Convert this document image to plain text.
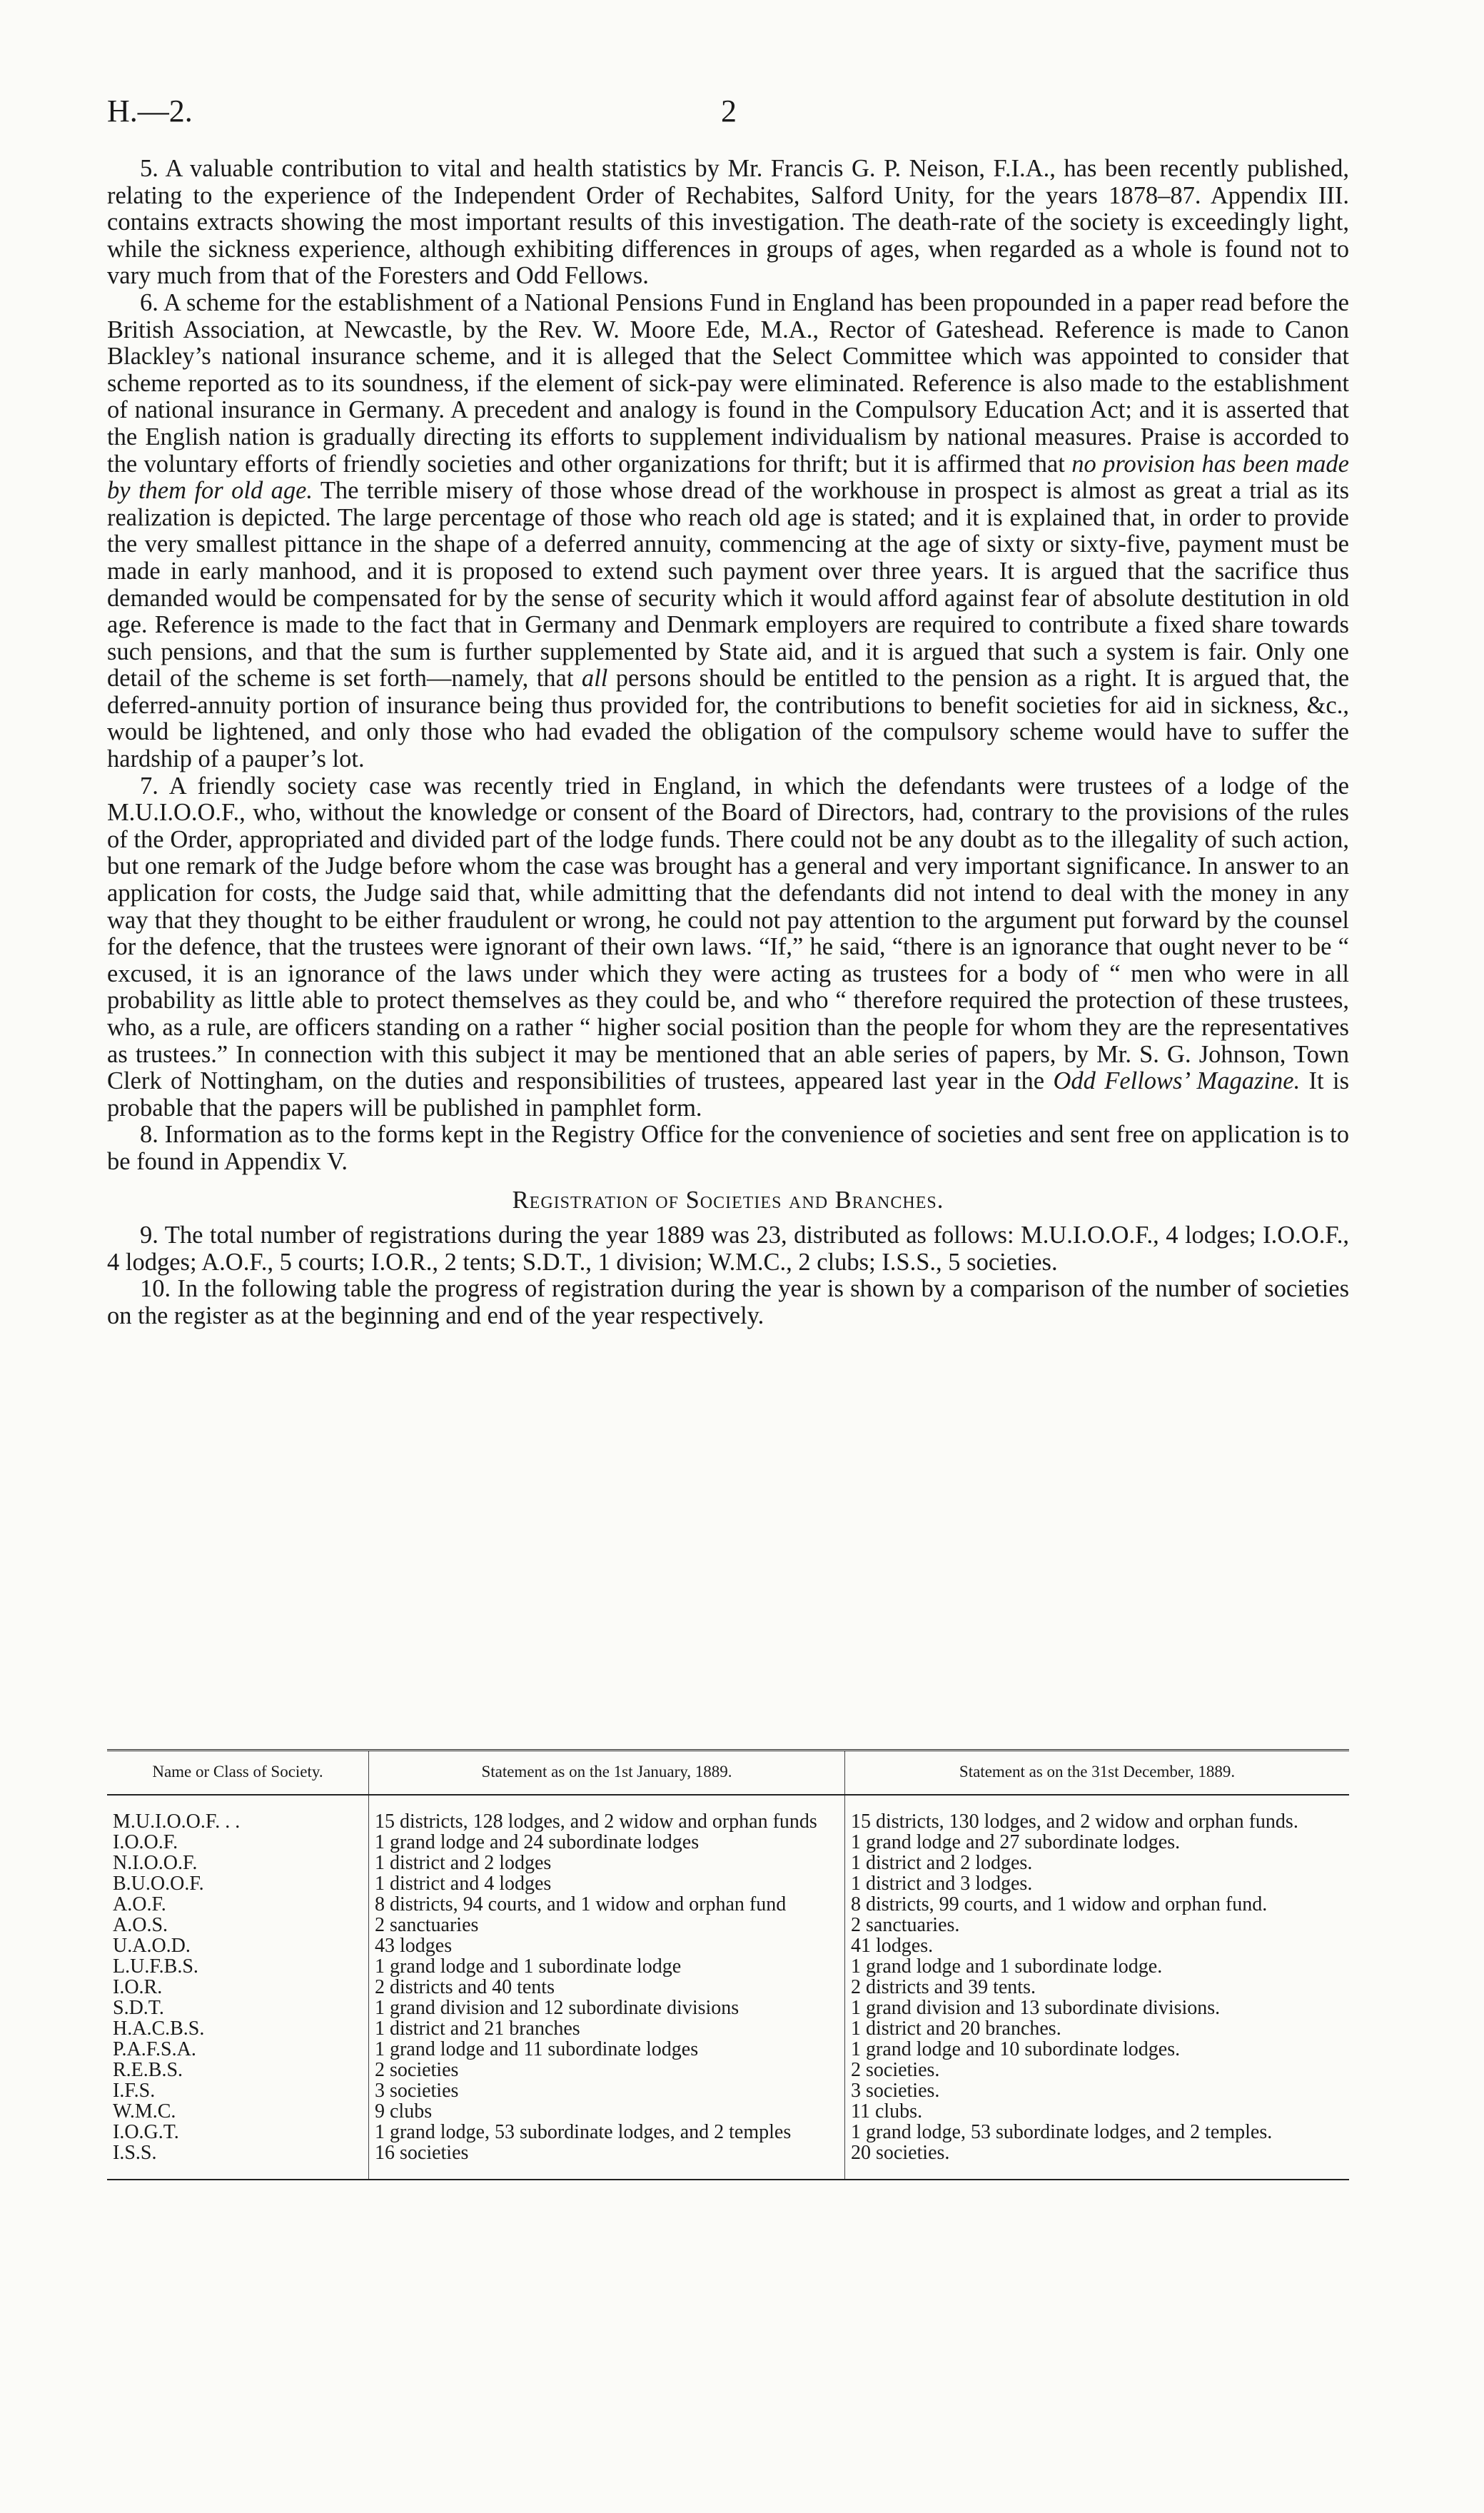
H.—2.	2

5. A valuable contribution to vital and health statistics by Mr. Francis G. P. Neison, F.I.A., has been recently published, relating to the experience of the Independent Order of Rechabites, Salford Unity, for the years 1878–87. Appendix III. contains extracts showing the most important results of this investigation. The death-rate of the society is exceedingly light, while the sickness experience, although exhibiting differences in groups of ages, when regarded as a whole is found not to vary much from that of the Foresters and Odd Fellows.

6. A scheme for the establishment of a National Pensions Fund in England has been propounded in a paper read before the British Association, at Newcastle, by the Rev. W. Moore Ede, M.A., Rector of Gateshead. Reference is made to Canon Blackley’s national insurance scheme, and it is alleged that the Select Committee which was appointed to consider that scheme reported as to its soundness, if the element of sick-pay were eliminated. Reference is also made to the establishment of national insurance in Germany. A precedent and analogy is found in the Compulsory Education Act; and it is asserted that the English nation is gradually directing its efforts to supplement individualism by national measures. Praise is accorded to the voluntary efforts of friendly societies and other organizations for thrift; but it is affirmed that no provision has been made by them for old age. The terrible misery of those whose dread of the workhouse in prospect is almost as great a trial as its realization is depicted. The large percentage of those who reach old age is stated; and it is explained that, in order to provide the very smallest pittance in the shape of a deferred annuity, commencing at the age of sixty or sixty-five, payment must be made in early manhood, and it is proposed to extend such payment over three years. It is argued that the sacrifice thus demanded would be compensated for by the sense of security which it would afford against fear of absolute destitution in old age. Reference is made to the fact that in Germany and Denmark employers are required to contribute a fixed share towards such pensions, and that the sum is further supplemented by State aid, and it is argued that such a system is fair. Only one detail of the scheme is set forth—namely, that all persons should be entitled to the pension as a right. It is argued that, the deferred-annuity portion of insurance being thus provided for, the contributions to benefit societies for aid in sickness, &c., would be lightened, and only those who had evaded the obligation of the compulsory scheme would have to suffer the hardship of a pauper’s lot.

7. A friendly society case was recently tried in England, in which the defendants were trustees of a lodge of the M.U.I.O.O.F., who, without the knowledge or consent of the Board of Directors, had, contrary to the provisions of the rules of the Order, appropriated and divided part of the lodge funds. There could not be any doubt as to the illegality of such action, but one remark of the Judge before whom the case was brought has a general and very important significance. In answer to an application for costs, the Judge said that, while admitting that the defendants did not intend to deal with the money in any way that they thought to be either fraudulent or wrong, he could not pay attention to the argument put forward by the counsel for the defence, that the trustees were ignorant of their own laws. “If,” he said, “there is an ignorance that ought never to be “ excused, it is an ignorance of the laws under which they were acting as trustees for a body of “ men who were in all probability as little able to protect themselves as they could be, and who “ therefore required the protection of these trustees, who, as a rule, are officers standing on a rather “ higher social position than the people for whom they are the representatives as trustees.” In connection with this subject it may be mentioned that an able series of papers, by Mr. S. G. Johnson, Town Clerk of Nottingham, on the duties and responsibilities of trustees, appeared last year in the Odd Fellows’ Magazine. It is probable that the papers will be published in pamphlet form.

8. Information as to the forms kept in the Registry Office for the convenience of societies and sent free on application is to be found in Appendix V.

Registration of Societies and Branches.

9. The total number of registrations during the year 1889 was 23, distributed as follows: M.U.I.O.O.F., 4 lodges; I.O.O.F., 4 lodges; A.O.F., 5 courts; I.O.R., 2 tents; S.D.T., 1 division; W.M.C., 2 clubs; I.S.S., 5 societies.

10. In the following table the progress of registration during the year is shown by a comparison of the number of societies on the register as at the beginning and end of the year respectively.

Name or Class of Society.	Statement as on the 1st January, 1889.	Statement as on the 31st December, 1889.
M.U.I.O.O.F. . .	15 districts, 128 lodges, and 2 widow and orphan funds	15 districts, 130 lodges, and 2 widow and orphan funds.
I.O.O.F.	1 grand lodge and 24 subordinate lodges	1 grand lodge and 27 subordinate lodges.
N.I.O.O.F.	1 district and 2 lodges	1 district and 2 lodges.
B.U.O.O.F.	1 district and 4 lodges	1 district and 3 lodges.
A.O.F.	8 districts, 94 courts, and 1 widow and orphan fund	8 districts, 99 courts, and 1 widow and orphan fund.
A.O.S.	2 sanctuaries	2 sanctuaries.
U.A.O.D.	43 lodges	41 lodges.
L.U.F.B.S.	1 grand lodge and 1 subordinate lodge	1 grand lodge and 1 subordinate lodge.
I.O.R.	2 districts and 40 tents	2 districts and 39 tents.
S.D.T.	1 grand division and 12 subordinate divisions	1 grand division and 13 subordinate divisions.
H.A.C.B.S.	1 district and 21 branches	1 district and 20 branches.
P.A.F.S.A.	1 grand lodge and 11 subordinate lodges	1 grand lodge and 10 subordinate lodges.
R.E.B.S.	2 societies	2 societies.
I.F.S.	3 societies	3 societies.
W.M.C.	9 clubs	11 clubs.
I.O.G.T.	1 grand lodge, 53 subordinate lodges, and 2 temples	1 grand lodge, 53 subordinate lodges, and 2 temples.
I.S.S.	16 societies	20 societies.
